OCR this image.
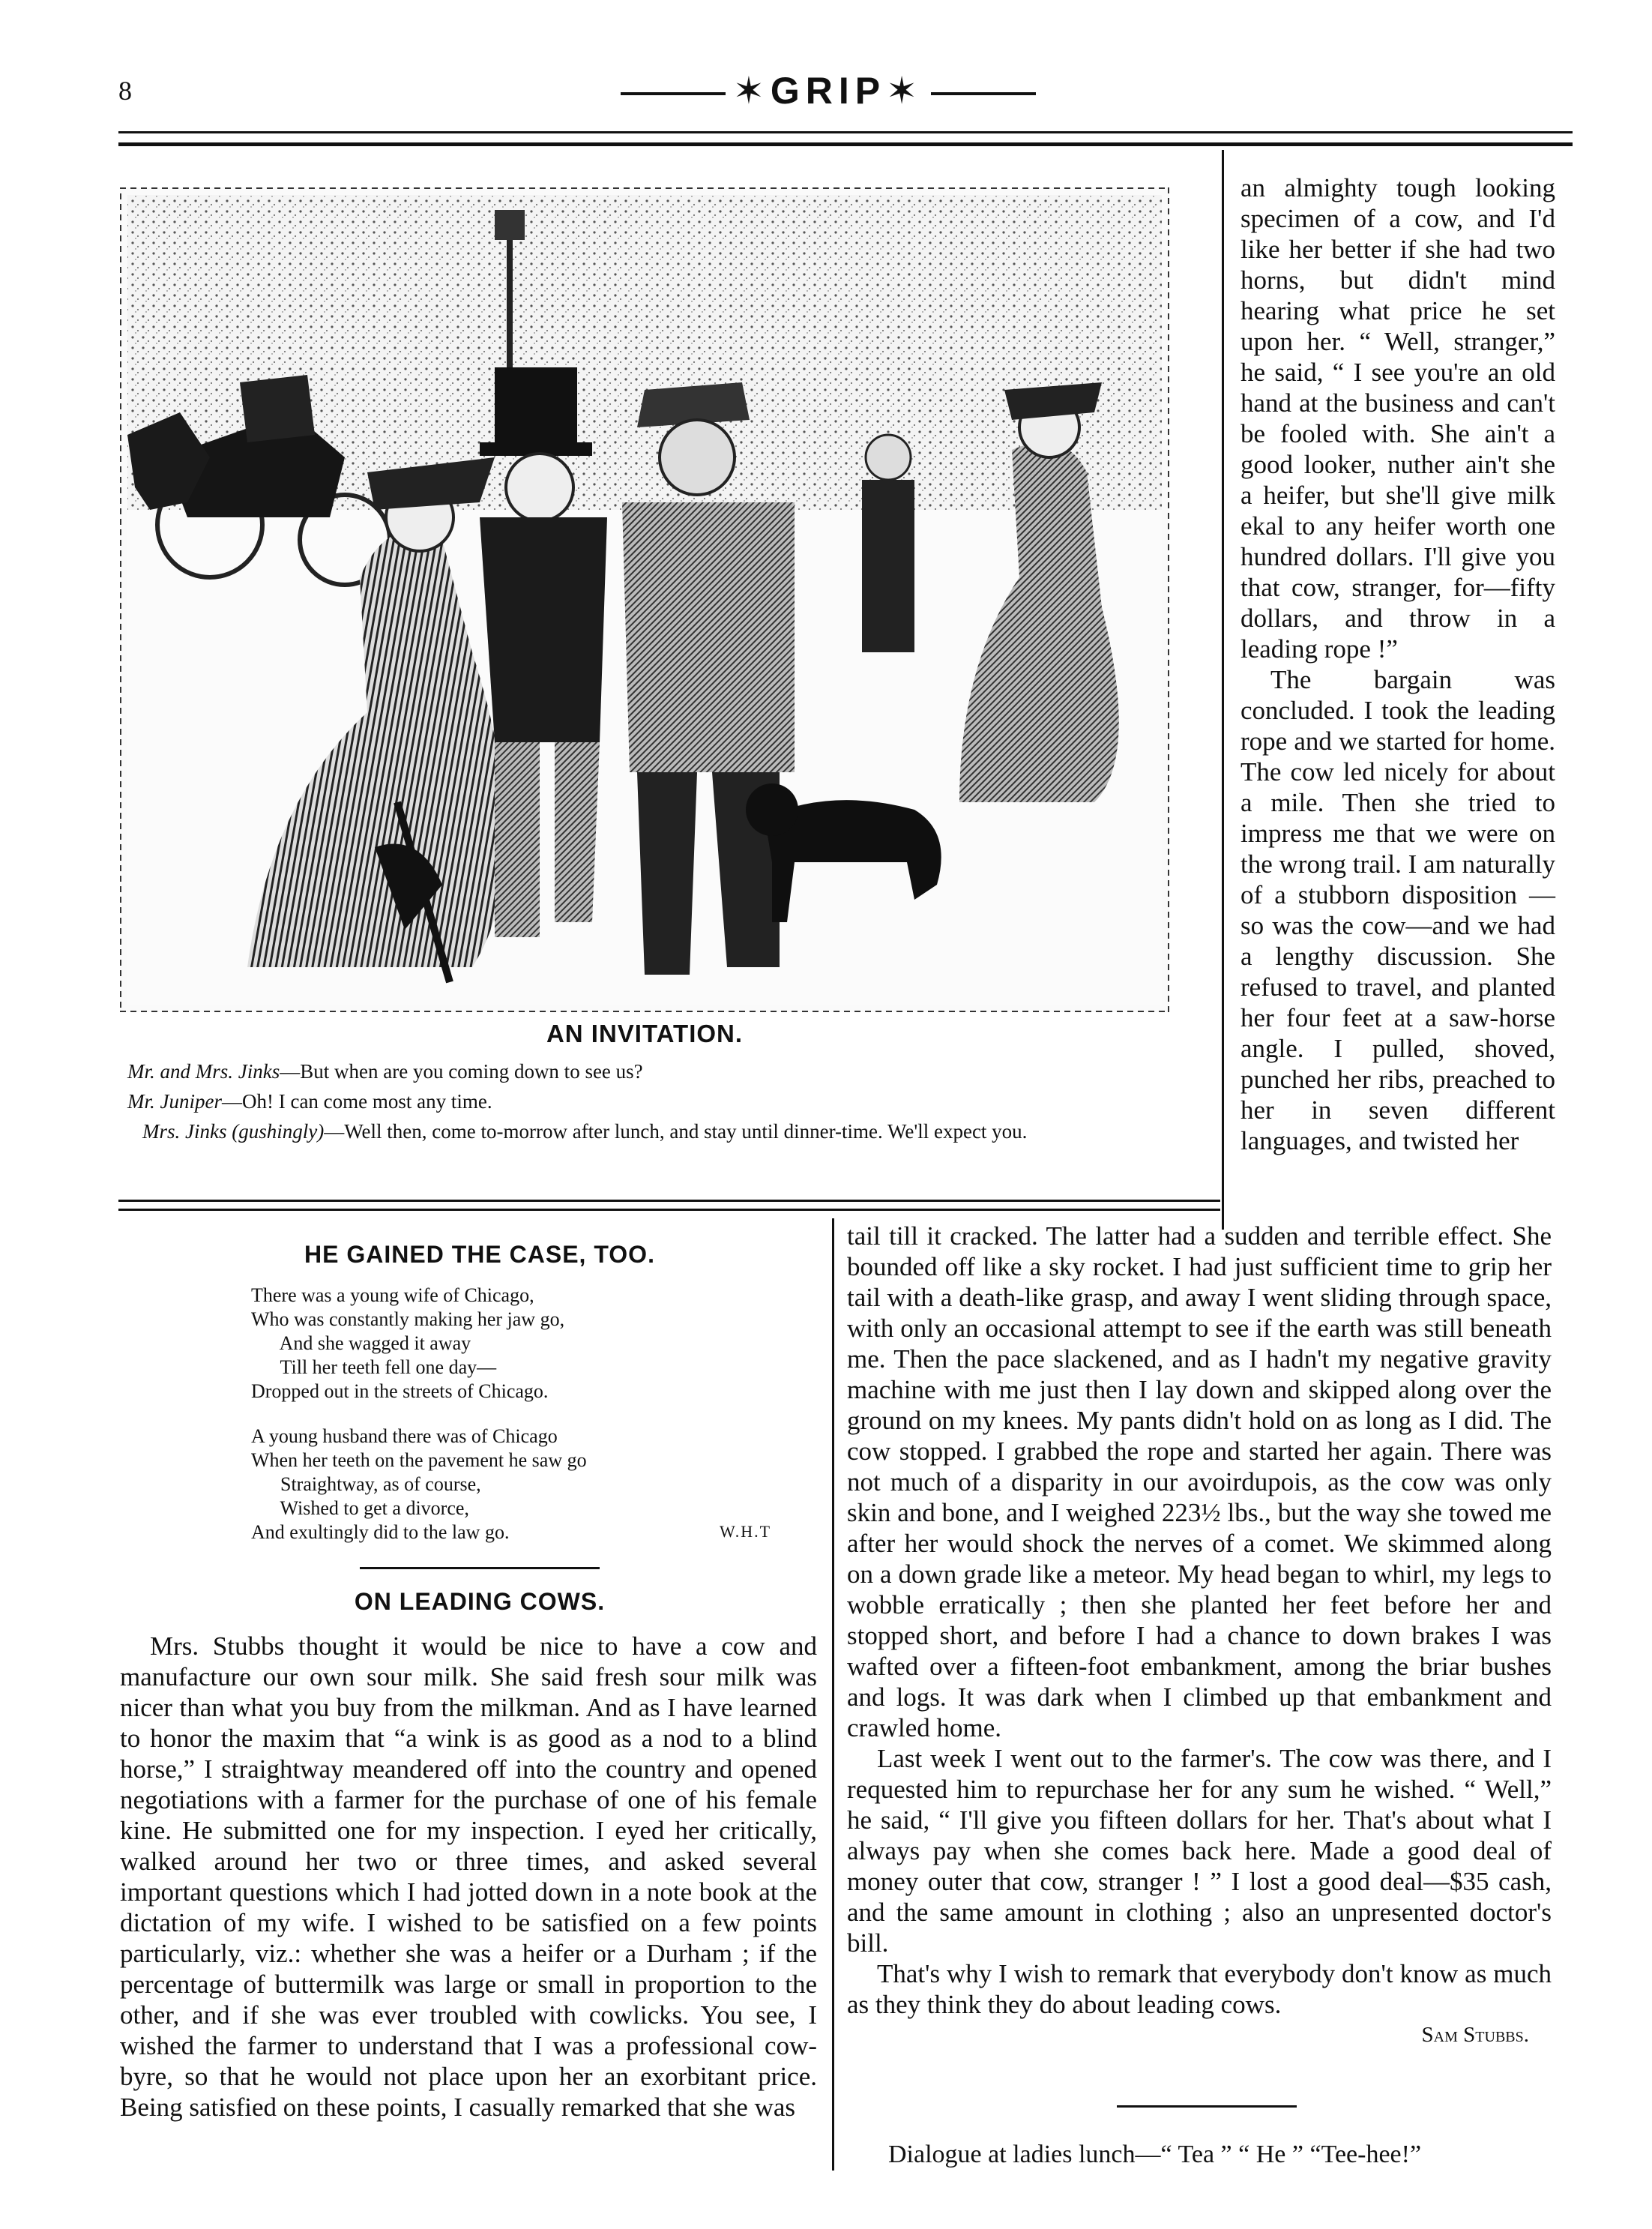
8	✶GRIP✶
AN INVITATION.
Mr. and Mrs. Jinks—But when are you coming down to see us?
Mr. Juniper—Oh! I can come most any time.
Mrs. Jinks (gushingly)—Well then, come to-morrow after lunch, and stay until dinner-time. We'll expect you.

an almighty tough looking specimen of a cow, and I'd like her better if she had two horns, but didn't mind hearing what price he set upon her. “ Well, stranger,” he said, “ I see you're an old hand at the business and can't be fooled with. She ain't a good looker, nuther ain't she a heifer, but she'll give milk ekal to any heifer worth one hundred dollars. I'll give you that cow, stranger, for—fifty dollars, and throw in a leading rope !”

The bargain was concluded. I took the leading rope and we started for home. The cow led nicely for about a mile. Then she tried to impress me that we were on the wrong trail. I am naturally of a stubborn disposition —so was the cow—and we had a lengthy discussion. She refused to travel, and planted her four feet at a saw-horse angle. I pulled, shoved, punched her ribs, preached to her in seven different languages, and twisted her

HE GAINED THE CASE, TOO.
There was a young wife of Chicago,
Who was constantly making her jaw go,
And she wagged it away
Till her teeth fell one day—
Dropped out in the streets of Chicago.
A young husband there was of Chicago
When her teeth on the pavement he saw go
Straightway, as of course,
Wished to get a divorce,
And exultingly did to the law go.	W.H.T
ON LEADING COWS.

Mrs. Stubbs thought it would be nice to have a cow and manufacture our own sour milk. She said fresh sour milk was nicer than what you buy from the milkman. And as I have learned to honor the maxim that “a wink is as good as a nod to a blind horse,” I straightway meandered off into the country and opened negotiations with a farmer for the purchase of one of his female kine. He submitted one for my inspection. I eyed her critically, walked around her two or three times, and asked several important questions which I had jotted down in a note book at the dictation of my wife. I wished to be satisfied on a few points particularly, viz.: whether she was a heifer or a Durham ; if the percentage of buttermilk was large or small in proportion to the other, and if she was ever troubled with cowlicks. You see, I wished the farmer to understand that I was a professional cow-byre, so that he would not place upon her an exorbitant price. Being satisfied on these points, I casually remarked that she was

tail till it cracked. The latter had a sudden and terrible effect. She bounded off like a sky rocket. I had just sufficient time to grip her tail with a death-like grasp, and away I went sliding through space, with only an occasional attempt to see if the earth was still beneath me. Then the pace slackened, and as I hadn't my negative gravity machine with me just then I lay down and skipped along over the ground on my knees. My pants didn't hold on as long as I did. The cow stopped. I grabbed the rope and started her again. There was not much of a disparity in our avoirdupois, as the cow was only skin and bone, and I weighed 223½ lbs., but the way she towed me after her would shock the nerves of a comet. We skimmed along on a down grade like a meteor. My head began to whirl, my legs to wobble erratically ; then she planted her feet before her and stopped short, and before I had a chance to down brakes I was wafted over a fifteen-foot embankment, among the briar bushes and logs. It was dark when I climbed up that embankment and crawled home.

Last week I went out to the farmer's. The cow was there, and I requested him to repurchase her for any sum he wished. “ Well,” he said, “ I'll give you fifteen dollars for her. That's about what I always pay when she comes back here. Made a good deal of money outer that cow, stranger ! ” I lost a good deal—$35 cash, and the same amount in clothing ; also an unpresented doctor's bill.

That's why I wish to remark that everybody don't know as much as they think they do about leading cows.

Sam Stubbs.
Dialogue at ladies lunch—“ Tea ” “ He ” “Tee-hee!”
